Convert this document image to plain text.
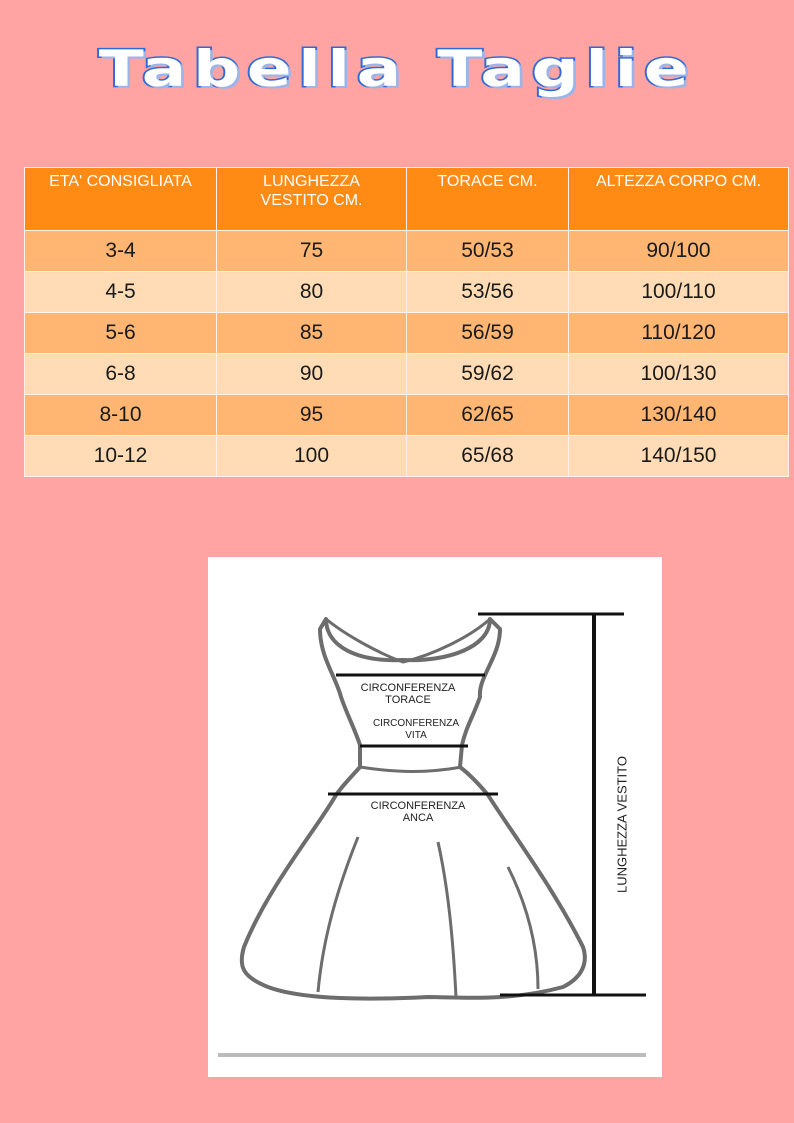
Tabella Taglie
ETA' CONSIGLIATA	LUNGHEZZA VESTITO CM.	TORACE CM.	ALTEZZA CORPO CM.
3-4	75	50/53	90/100
4-5	80	53/56	100/110
5-6	85	56/59	110/120
6-8	90	59/62	100/130
8-10	95	62/65	130/140
10-12	100	65/68	140/150
CIRCONFERENZA
TORACE
CIRCONFERENZA
VITA
CIRCONFERENZA
ANCA	LUNGHEZZA VESTITO
